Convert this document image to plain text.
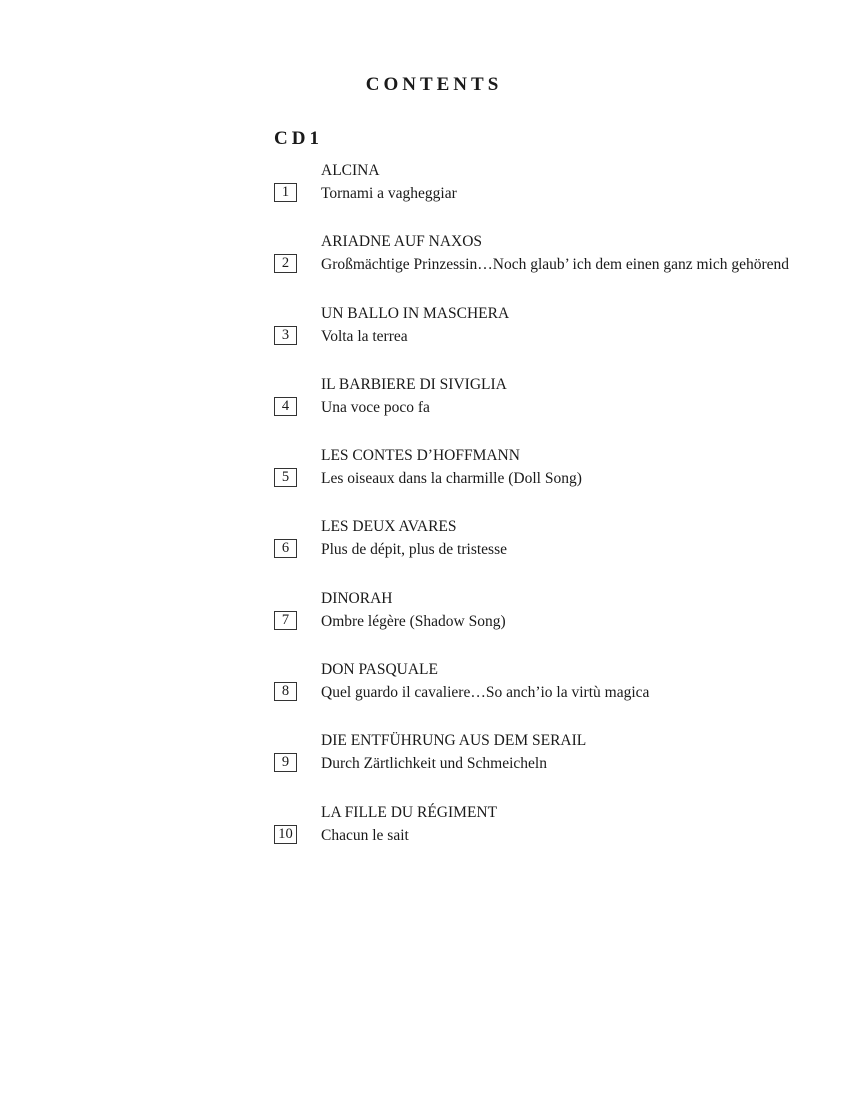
CONTENTS
CD1
ALCINA
1	Tornami a vagheggiar
ARIADNE AUF NAXOS
2	Großmächtige Prinzessin…Noch glaub’ ich dem einen ganz mich gehörend
UN BALLO IN MASCHERA
3	Volta la terrea
IL BARBIERE DI SIVIGLIA
4	Una voce poco fa
LES CONTES D’HOFFMANN
5	Les oiseaux dans la charmille (Doll Song)
LES DEUX AVARES
6	Plus de dépit, plus de tristesse
DINORAH
7	Ombre légère (Shadow Song)
DON PASQUALE
8	Quel guardo il cavaliere…So anch’io la virtù magica
DIE ENTFÜHRUNG AUS DEM SERAIL
9	Durch Zärtlichkeit und Schmeicheln
LA FILLE DU RÉGIMENT
10 Chacun le sait
